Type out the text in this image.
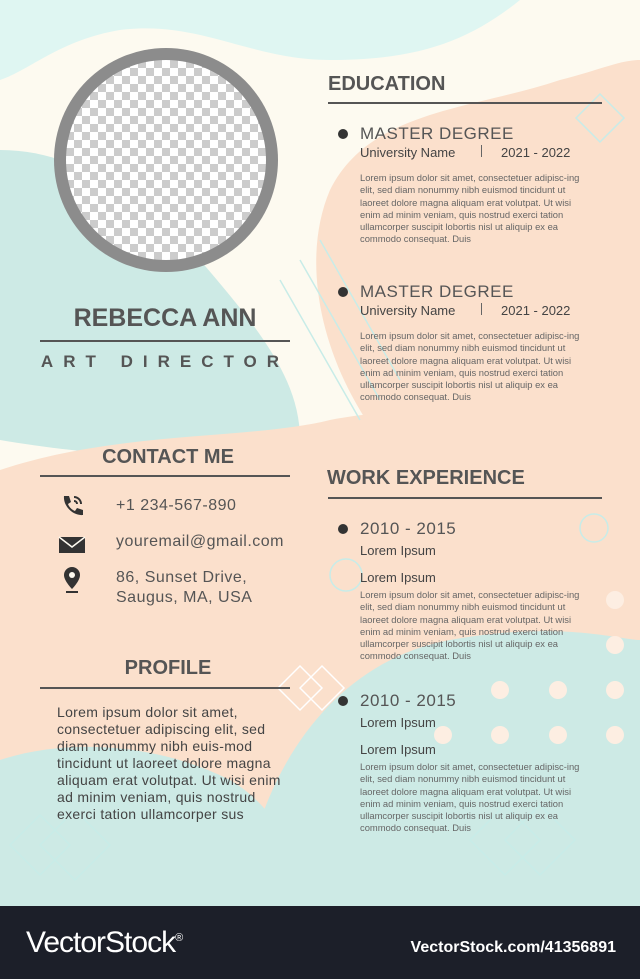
REBECCA ANN
ART DIRECTOR
CONTACT ME
+1 234-567-890
youremail@gmail.com
86, Sunset Drive,
Saugus, MA, USA
PROFILE
Lorem ipsum dolor sit amet, consectetuer adipiscing elit, sed diam nonummy nibh euis-mod tincidunt ut laoreet dolore magna aliquam erat volutpat. Ut wisi enim ad minim veniam, quis nostrud exerci tation ullamcorper sus
EDUCATION
MASTER DEGREE
University Name	2021 - 2022
Lorem ipsum dolor sit amet, consectetuer adipisc-ing elit, sed diam nonummy nibh euismod tincidunt ut laoreet dolore magna aliquam erat volutpat. Ut wisi enim ad minim veniam, quis nostrud exerci tation ullamcorper suscipit lobortis nisl ut aliquip ex ea commodo consequat. Duis
MASTER DEGREE
University Name	2021 - 2022
Lorem ipsum dolor sit amet, consectetuer adipisc-ing elit, sed diam nonummy nibh euismod tincidunt ut laoreet dolore magna aliquam erat volutpat. Ut wisi enim ad minim veniam, quis nostrud exerci tation ullamcorper suscipit lobortis nisl ut aliquip ex ea commodo consequat. Duis
WORK EXPERIENCE
2010 - 2015
Lorem Ipsum
Lorem Ipsum
Lorem ipsum dolor sit amet, consectetuer adipisc-ing elit, sed diam nonummy nibh euismod tincidunt ut laoreet dolore magna aliquam erat volutpat. Ut wisi enim ad minim veniam, quis nostrud exerci tation ullamcorper suscipit lobortis nisl ut aliquip ex ea commodo consequat. Duis
2010 - 2015
Lorem Ipsum
Lorem Ipsum
Lorem ipsum dolor sit amet, consectetuer adipisc-ing elit, sed diam nonummy nibh euismod tincidunt ut laoreet dolore magna aliquam erat volutpat. Ut wisi enim ad minim veniam, quis nostrud exerci tation ullamcorper suscipit lobortis nisl ut aliquip ex ea commodo consequat. Duis
VectorStock®
VectorStock.com/41356891
